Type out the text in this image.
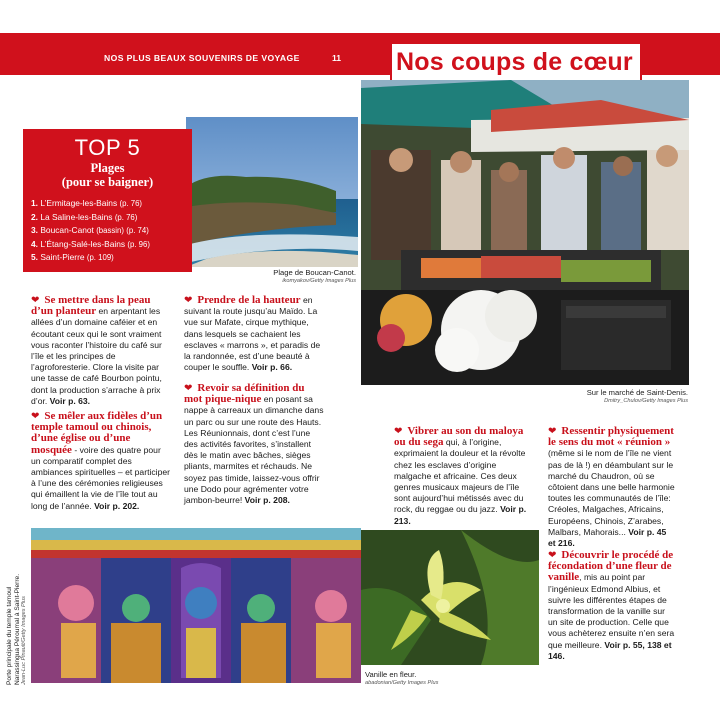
NOS PLUS BEAUX SOUVENIRS DE VOYAGE	11 Nos coups de cœur
Plage de Boucan-Canot.
ikomyakov/Getty Images Plus
Sur le marché de Saint-Denis.
Dmitry_Chulov/Getty Images Plus
TOP 5
Plages
(pour se baigner)
1. L’Ermitage-les-Bains (p. 76)
2. La Saline-les-Bains (p. 76)
3. Boucan-Canot (bassin) (p. 74)
4. L’Étang-Salé-les-Bains (p. 96)
5. Saint-Pierre (p. 109)
❤ Se mettre dans la peau d’un planteur en arpentant les allées d’un domaine caféier et en écoutant ceux qui le sont vraiment vous raconter l’histoire du café sur l’île et les principes de l’agroforesterie. Clore la visite par une tasse de café Bourbon pointu, dont la production s’arrache à prix d’or. Voir p. 63.
❤ Se mêler aux fidèles d’un temple tamoul ou chinois, d’une église ou d’une mosquée - voire des quatre pour un comparatif complet des ambiances spirituelles – et participer à l’une des cérémonies religieuses qui émaillent la vie de l’île tout au long de l’année. Voir p. 202.
❤ Prendre de la hauteur en suivant la route jusqu’au Maïdo. La vue sur Mafate, cirque mythique, dans lesquels se cachaient les esclaves « marrons », et paradis de la randonnée, est d’une beauté à couper le souffle. Voir p. 66.
❤ Revoir sa définition du mot pique-nique en posant sa nappe à carreaux un dimanche dans un parc ou sur une route des Hauts. Les Réunionnais, dont c’est l’une des activités favorites, s’installent dès le matin avec bâches, sièges pliants, marmites et réchauds. Ne soyez pas timide, laissez-vous offrir une Dodo pour agrémenter votre jambon-beurre! Voir p. 208.
❤ Vibrer au son du maloya ou du sega qui, à l’origine, exprimaient la douleur et la révolte chez les esclaves d’origine malgache et africaine. Ces deux genres musicaux majeurs de l’île sont aujourd’hui métissés avec du rock, du reggae ou du jazz. Voir p. 213.
❤ Ressentir physiquement le sens du mot « réunion » (même si le nom de l’île ne vient pas de là !) en déambulant sur le marché du Chaudron, où se côtoient dans une belle harmonie toutes les communautés de l’île: Créoles, Malgaches, Africains, Européens, Chinois, Z’arabes, Malbars, Mahorais... Voir p. 45 et 216.
❤ Découvrir le procédé de fécondation d’une fleur de vanille, mis au point par l’ingénieux Edmond Albius, et suivre les différentes étapes de transformation de la vanille sur un site de production. Celle que vous achèterez ensuite n’en sera que meilleure. Voir p. 55, 138 et 146.
Porte principale du temple tamoul Narassingua Péroumal à Saint-Pierre. Jean-Luc Pinault/Getty Images Plus	Vanille en fleur.
abadonian/Getty Images Plus
